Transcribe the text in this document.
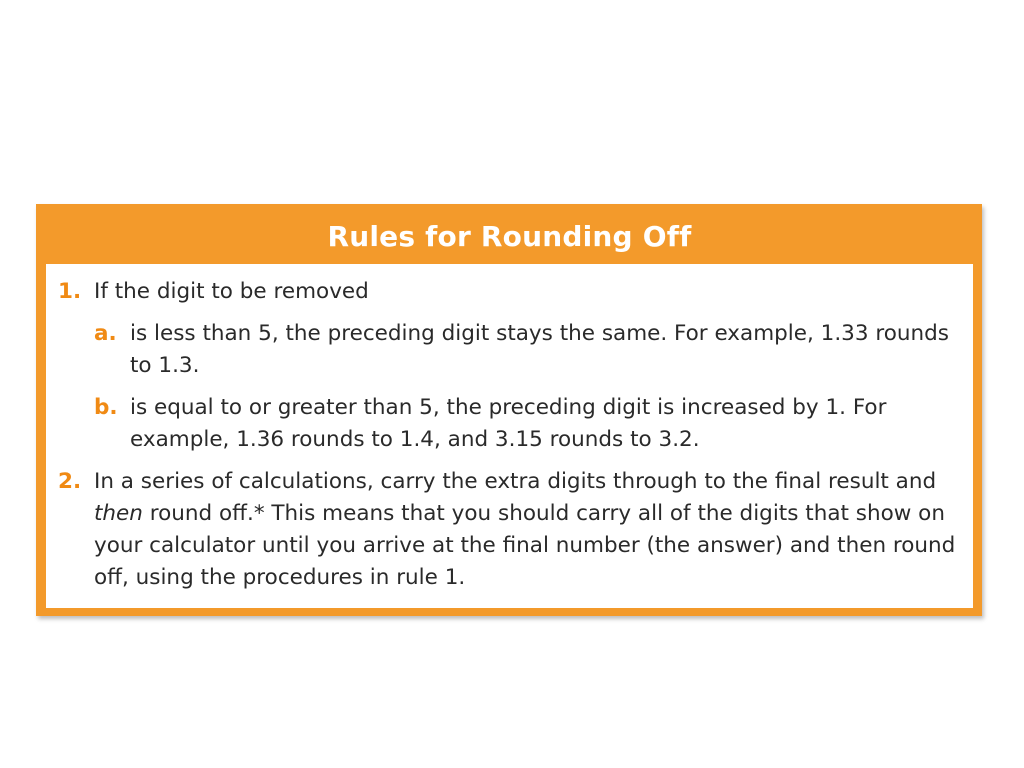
Rules for Rounding Off
1. If the digit to be removed
a. is less than 5, the preceding digit stays the same. For example, 1.33 rounds to 1.3.
b. is equal to or greater than 5, the preceding digit is increased by 1. For example, 1.36 rounds to 1.4, and 3.15 rounds to 3.2.
2. In a series of calculations, carry the extra digits through to the final result and then round off.* This means that you should carry all of the digits that show on your calculator until you arrive at the final number (the answer) and then round off, using the procedures in rule 1.
